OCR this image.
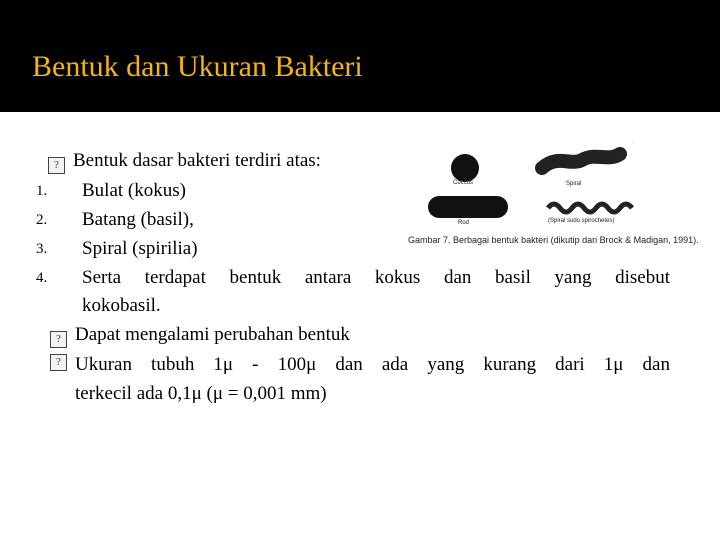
Bentuk dan Ukuran Bakteri
? Bentuk dasar bakteri terdiri atas:
1. Bulat (kokus)
2. Batang (basil),
3. Spiral (spirilia)
4. Serta terdapat bentuk antara kokus dan basil yang disebut
kokobasil.
? Dapat mengalami perubahan bentuk
? Ukuran tubuh 1μ - 100μ dan ada yang kurang dari 1μ dan
terkecil ada 0,1μ (μ = 0,001 mm)
·
Coccus	Spiral
Rod	(Spiral sudo spirochetes)
Gambar 7. Berbagai bentuk bakteri (dikutip dari Brock & Madigan, 1991).
